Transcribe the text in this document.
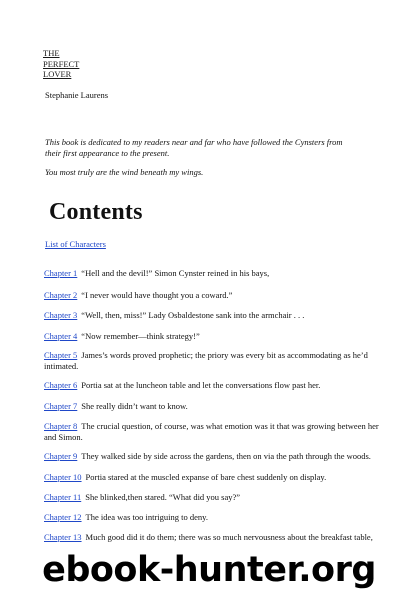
THE
PERFECT
LOVER
Stephanie Laurens

This book is dedicated to my readers near and far who have followed the Cynsters from their first appearance to the present.

You most truly are the wind beneath my wings.

Contents
List of Characters

Chapter 1 “Hell and the devil!” Simon Cynster reined in his bays,

Chapter 2 “I never would have thought you a coward.”

Chapter 3 “Well, then, miss!” Lady Osbaldestone sank into the armchair . . .

Chapter 4 “Now remember—think strategy!”

Chapter 5 James’s words proved prophetic; the priory was every bit as accommodating as he’d intimated.

Chapter 6 Portia sat at the luncheon table and let the conversations flow past her.

Chapter 7 She really didn’t want to know.

Chapter 8 The crucial question, of course, was what emotion was it that was growing between her and Simon.

Chapter 9 They walked side by side across the gardens, then on via the path through the woods.

Chapter 10 Portia stared at the muscled expanse of bare chest suddenly on display.

Chapter 11 She blinked,then stared. “What did you say?”

Chapter 12 The idea was too intriguing to deny.

Chapter 13 Much good did it do them; there was so much nervousness about the breakfast table,

ebook-hunter.org
